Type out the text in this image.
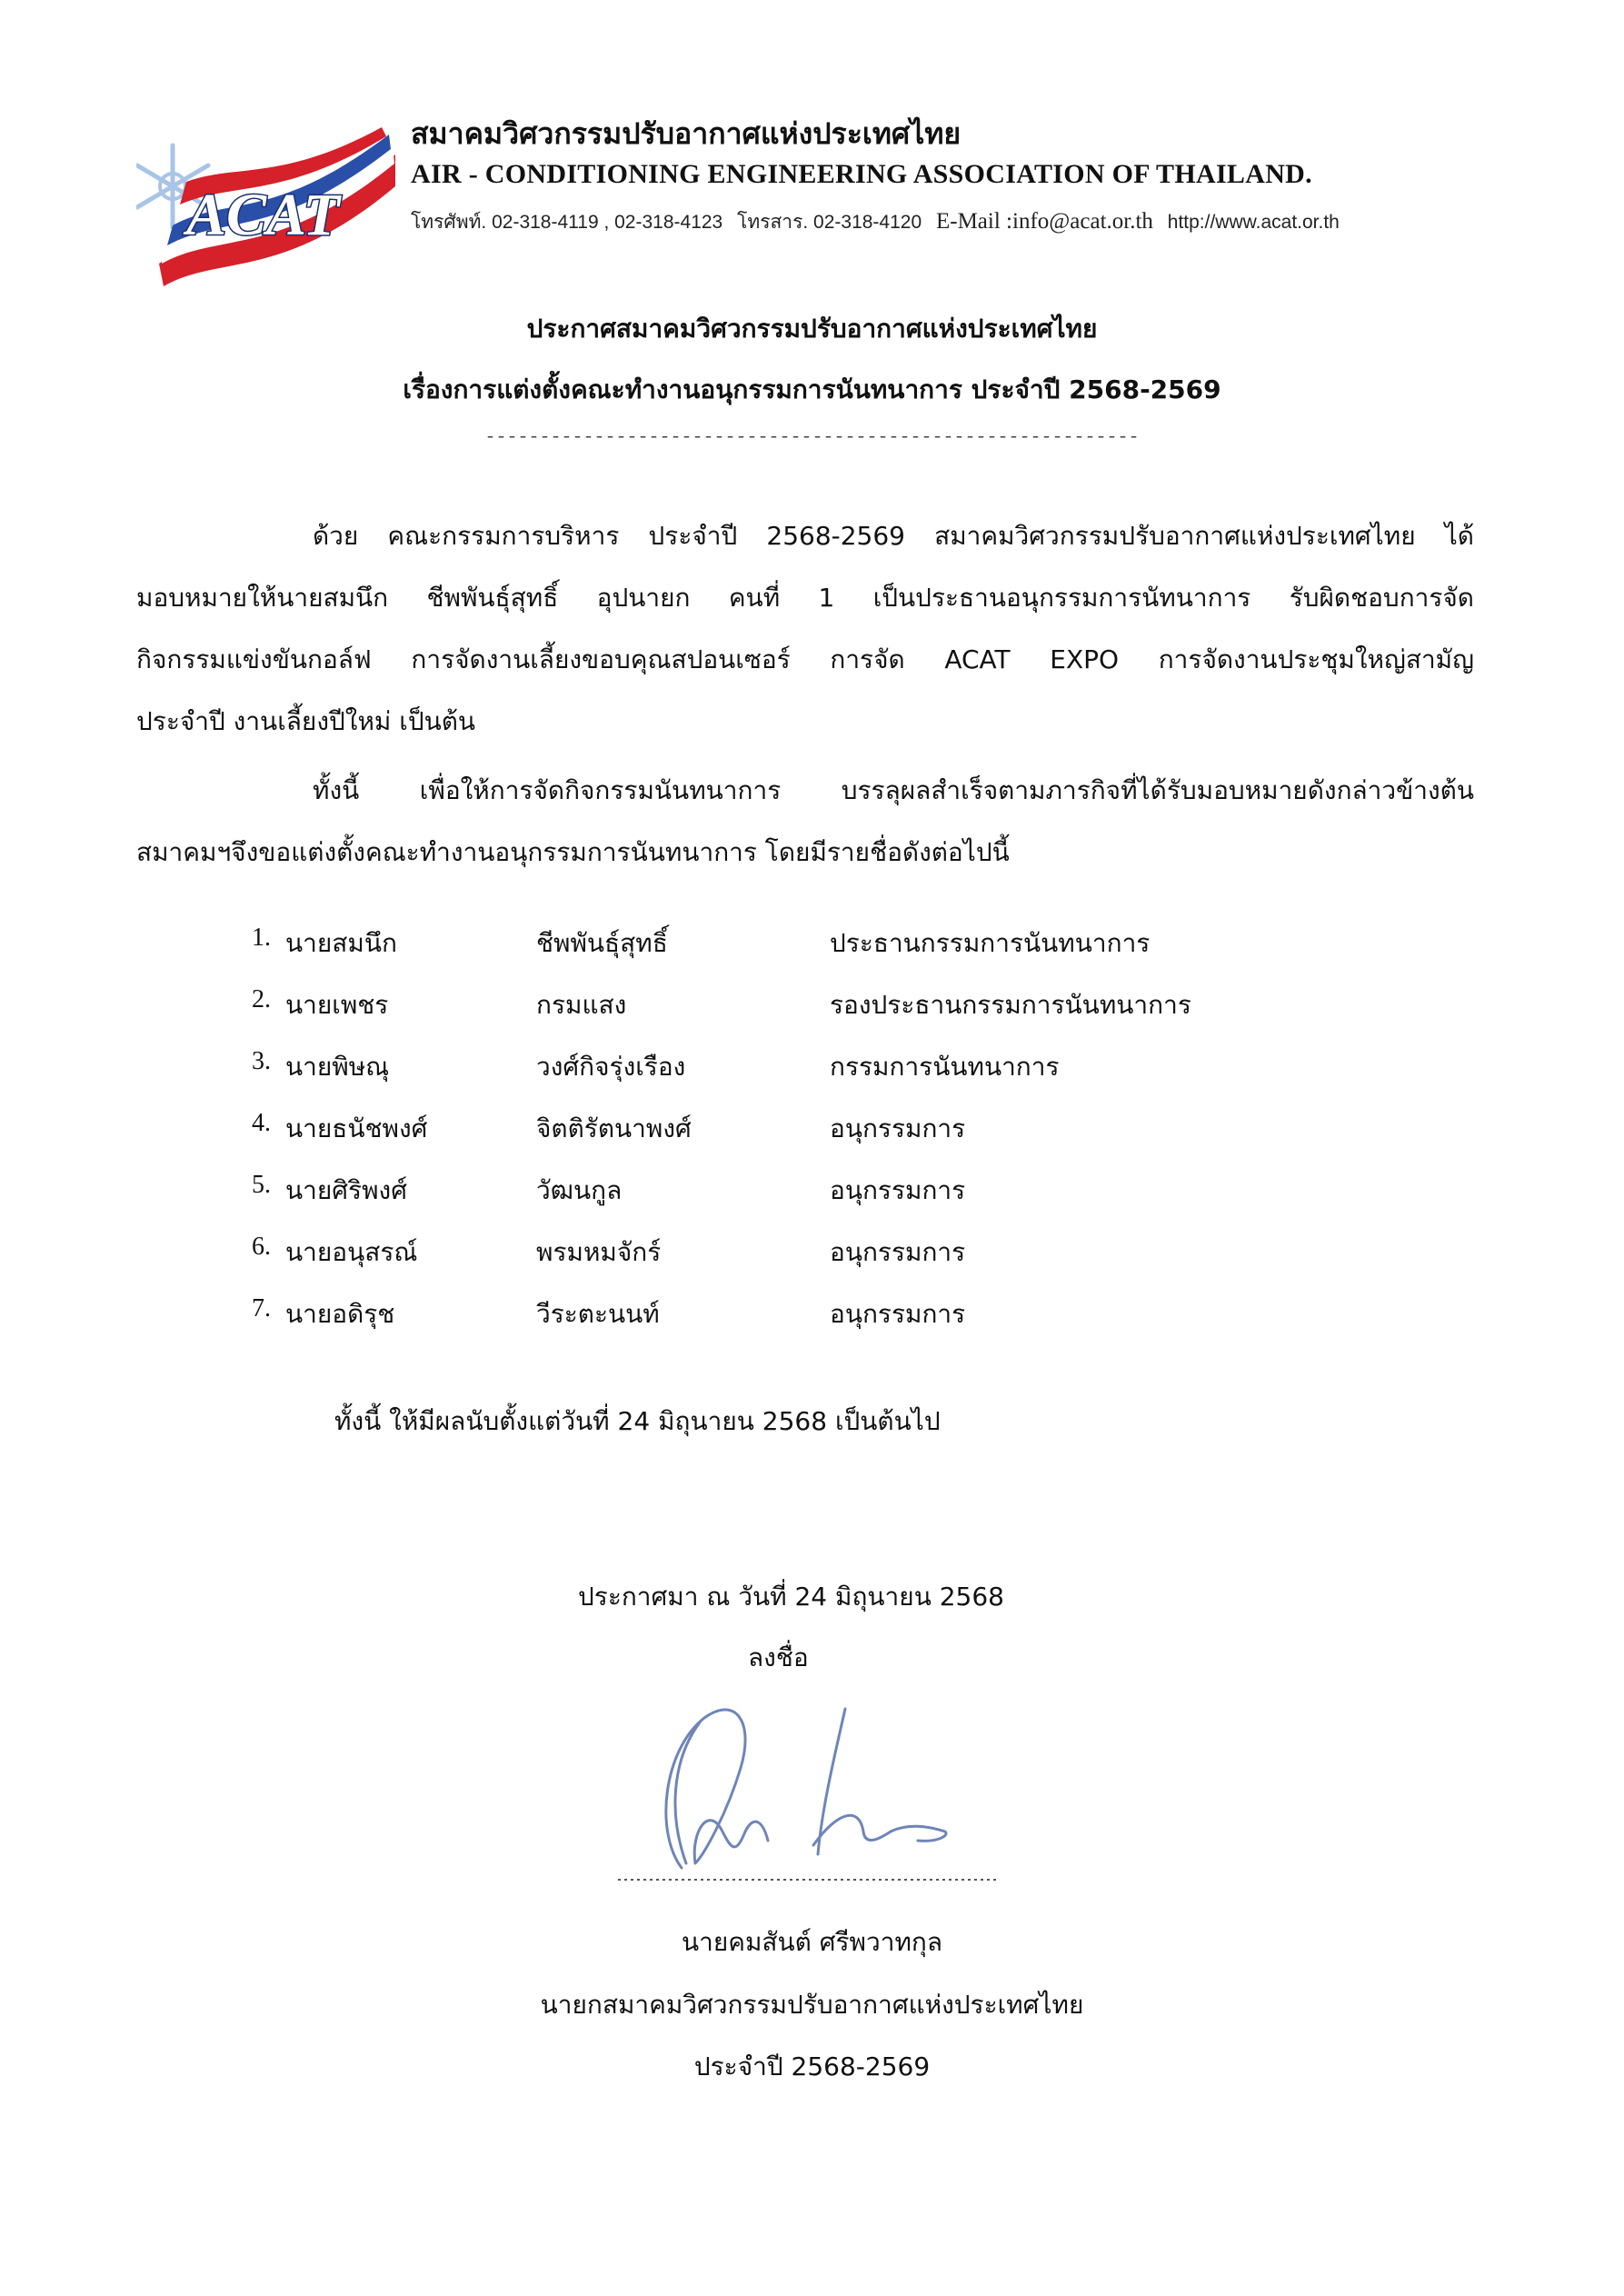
ACAT
สมาคมวิศวกรรมปรับอากาศแห่งประเทศไทย
AIR - CONDITIONING ENGINEERING ASSOCIATION OF THAILAND.
โทรศัพท์. 02-318-4119 , 02-318-4123 โทรสาร. 02-318-4120 E-Mail :info@acat.or.th http://www.acat.or.th
ประกาศสมาคมวิศวกรรมปรับอากาศแห่งประเทศไทย
เรื่องการแต่งตั้งคณะทำงานอนุกรรมการนันทนาการ ประจำปี 2568-2569
------------------------------------------------------------
ด้วย คณะกรรมการบริหาร ประจำปี 2568-2569 สมาคมวิศวกรรมปรับอากาศแห่งประเทศไทย ได้
มอบหมายให้นายสมนึก ชีพพันธุ์สุทธิ์ อุปนายก คนที่ 1 เป็นประธานอนุกรรมการนัทนาการ รับผิดชอบการจัด
กิจกรรมแข่งขันกอล์ฟ การจัดงานเลี้ยงขอบคุณสปอนเซอร์ การจัด ACAT EXPO การจัดงานประชุมใหญ่สามัญ
ประจำปี งานเลี้ยงปีใหม่ เป็นต้น
ทั้งนี้ เพื่อให้การจัดกิจกรรมนันทนาการ บรรลุผลสำเร็จตามภารกิจที่ได้รับมอบหมายดังกล่าวข้างต้น
สมาคมฯจึงขอแต่งตั้งคณะทำงานอนุกรรมการนันทนาการ โดยมีรายชื่อดังต่อไปนี้
1. นายสมนึก	ชีพพันธุ์สุทธิ์	ประธานกรรมการนันทนาการ
2. นายเพชร	กรมแสง	รองประธานกรรมการนันทนาการ
3. นายพิษณุ	วงศ์กิจรุ่งเรือง	กรรมการนันทนาการ
4. นายธนัชพงศ์	จิตติรัตนาพงศ์	อนุกรรมการ
5. นายศิริพงศ์	วัฒนกูล	อนุกรรมการ
6. นายอนุสรณ์	พรมหมจักร์	อนุกรรมการ
7. นายอดิรุช	วีระตะนนท์	อนุกรรมการ
ทั้งนี้ ให้มีผลนับตั้งแต่วันที่ 24 มิถุนายน 2568 เป็นต้นไป
ประกาศมา ณ วันที่ 24 มิถุนายน 2568
ลงชื่อ
นายคมสันต์ ศรีพวาทกุล
นายกสมาคมวิศวกรรมปรับอากาศแห่งประเทศไทย
ประจำปี 2568-2569
